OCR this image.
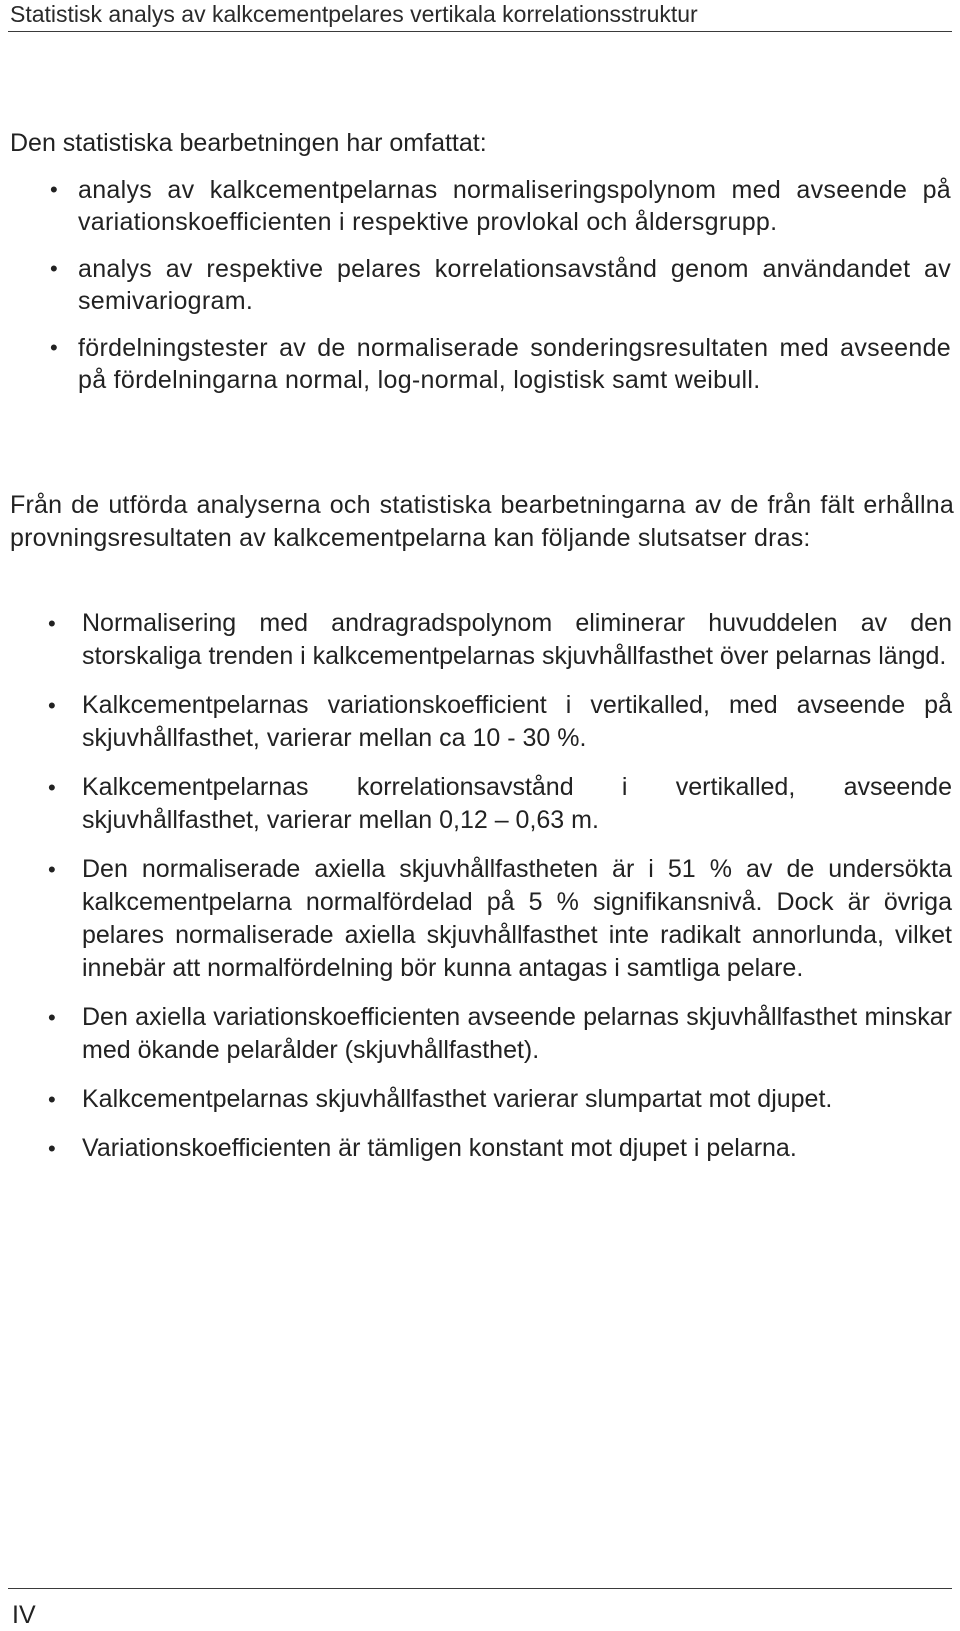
Statistisk analys av kalkcementpelares vertikala korrelationsstruktur
Den statistiska bearbetningen har omfattat:
• analys av kalkcementpelarnas normaliseringspolynom med avseende på variationskoefficienten i respektive provlokal och åldersgrupp.
• analys av respektive pelares korrelationsavstånd genom användandet av semivariogram.
• fördelningstester av de normaliserade sonderingsresultaten med avseende på fördelningarna normal, log-normal, logistisk samt weibull.
Från de utförda analyserna och statistiska bearbetningarna av de från fält erhållna provningsresultaten av kalkcementpelarna kan följande slutsatser dras:
•	Normalisering med andragradspolynom eliminerar huvuddelen av den storskaliga trenden i kalkcementpelarnas skjuvhållfasthet över pelarnas längd.
•	Kalkcementpelarnas variationskoefficient i vertikalled, med avseende på skjuvhållfasthet, varierar mellan ca 10 - 30 %.
•	Kalkcementpelarnas korrelationsavstånd i vertikalled, avseende skjuvhållfasthet, varierar mellan 0,12 – 0,63 m.
•	Den normaliserade axiella skjuvhållfastheten är i 51 % av de undersökta kalkcementpelarna normalfördelad på 5 % signifikansnivå. Dock är övriga pelares normaliserade axiella skjuvhållfasthet inte radikalt annorlunda, vilket innebär att normalfördelning bör kunna antagas i samtliga pelare.
•	Den axiella variationskoefficienten avseende pelarnas skjuvhållfasthet minskar med ökande pelarålder (skjuvhållfasthet).
•	Kalkcementpelarnas skjuvhållfasthet varierar slumpartat mot djupet.
•	Variationskoefficienten är tämligen konstant mot djupet i pelarna.
IV
